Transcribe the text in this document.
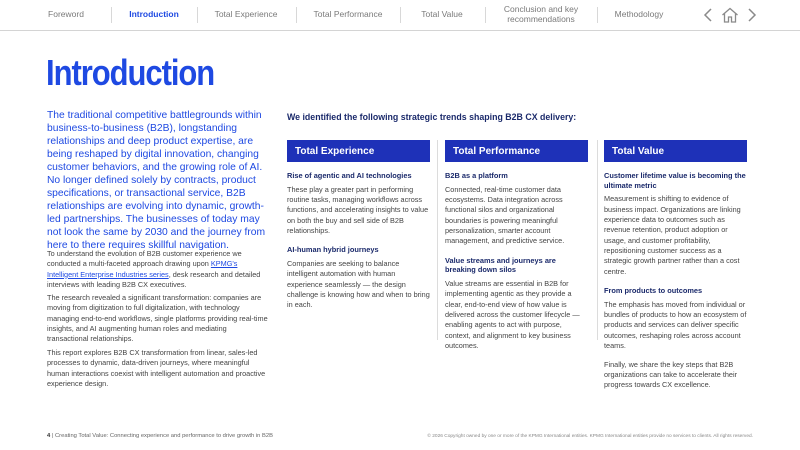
Foreword	Introduction	Total Experience	Total Performance	Total Value	Conclusion and key recommendations	Methodology
Introduction
The traditional competitive battlegrounds within business-to-business (B2B), longstanding relationships and deep product expertise, are being reshaped by digital innovation, changing customer behaviors, and the growing role of AI. No longer defined solely by contracts, product specifications, or transactional service, B2B relationships are evolving into dynamic, growth-led partnerships. The businesses of today may not look the same by 2030 and the journey from here to there requires skillful navigation.
To understand the evolution of B2B customer experience we conducted a multi-faceted approach drawing upon KPMG's Intelligent Enterprise Industries series, desk research and detailed interviews with leading B2B CX executives.
The research revealed a significant transformation: companies are moving from digitization to full digitalization, with technology managing end-to-end workflows, single platforms providing real-time insights, and AI augmenting human roles and mediating transactional relationships.
This report explores B2B CX transformation from linear, sales-led processes to dynamic, data-driven journeys, where meaningful human interactions coexist with intelligent automation and proactive experience design.
We identified the following strategic trends shaping B2B CX delivery:
Total Experience
Rise of agentic and AI technologies
These play a greater part in performing routine tasks, managing workflows across functions, and accelerating insights to value on both the buy and sell side of B2B relationships.
AI-human hybrid journeys
Companies are seeking to balance intelligent automation with human experience seamlessly — the design challenge is knowing how and when to bring in each.
Total Performance
B2B as a platform
Connected, real-time customer data ecosystems. Data integration across functional silos and organizational boundaries is powering meaningful personalization, smarter account management, and predictive service.
Value streams and journeys are breaking down silos
Value streams are essential in B2B for implementing agentic as they provide a clear, end-to-end view of how value is delivered across the customer lifecycle — enabling agents to act with purpose, context, and alignment to key business outcomes.
Total Value
Customer lifetime value is becoming the ultimate metric
Measurement is shifting to evidence of business impact. Organizations are linking experience data to outcomes such as revenue retention, product adoption or usage, and customer profitability, repositioning customer success as a strategic growth partner rather than a cost centre.
From products to outcomes
The emphasis has moved from individual or bundles of products to how an ecosystem of products and services can deliver specific outcomes, reshaping roles across account teams.
Finally, we share the key steps that B2B organizations can take to accelerate their progress towards CX excellence.
4 | Creating Total Value: Connecting experience and performance to drive growth in B2B	© 2026 Copyright owned by one or more of the KPMG International entities. KPMG International entities provide no services to clients. All rights reserved.
